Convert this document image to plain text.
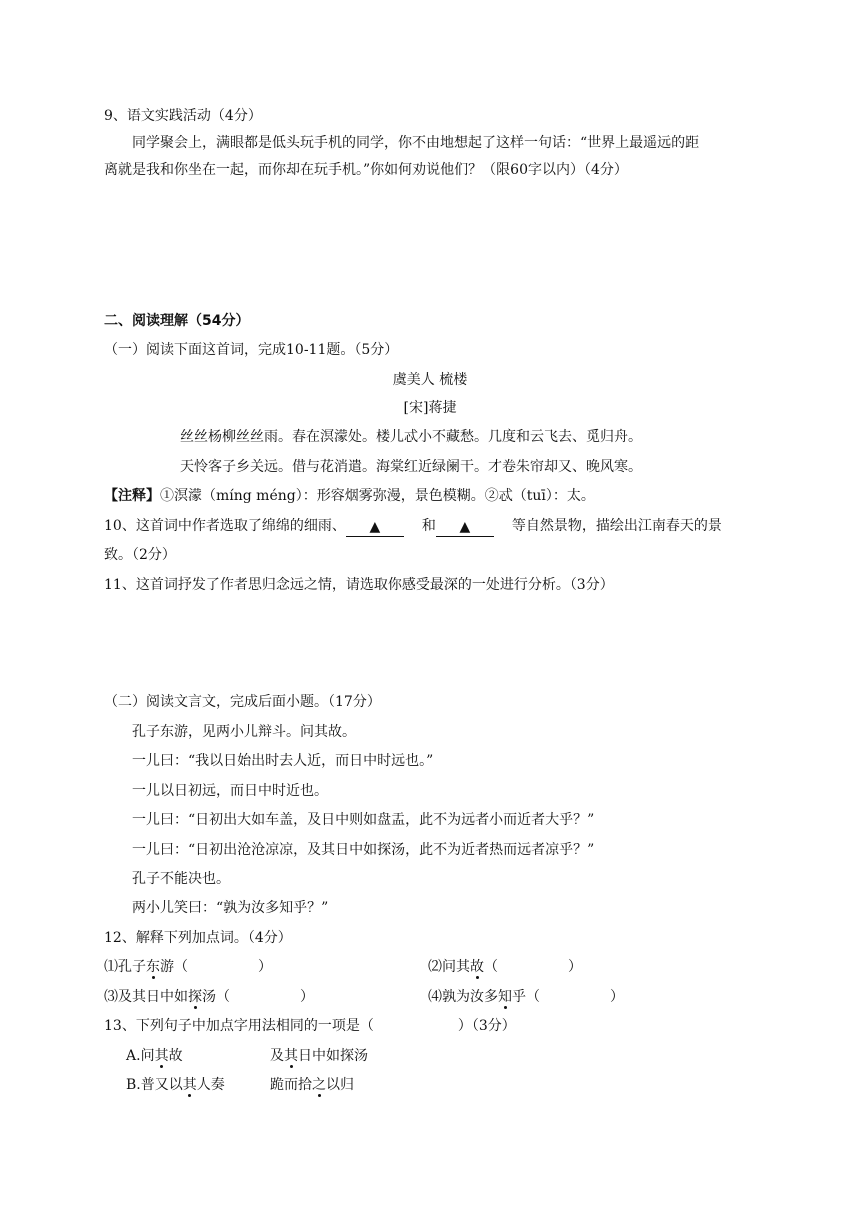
9、语文实践活动（4分）
同学聚会上，满眼都是低头玩手机的同学，你不由地想起了这样一句话：“世界上最遥远的距
离就是我和你坐在一起，而你却在玩手机。”你如何劝说他们？（限60字以内）（4分）
二、阅读理解（54分）
（一）阅读下面这首词，完成10-11题。（5分）
虞美人 梳楼
[宋]蒋捷
丝丝杨柳丝丝雨。春在溟濛处。楼儿忒小不藏愁。几度和云飞去、觅归舟。
天怜客子乡关远。借与花消遣。海棠红近绿阑干。才卷朱帘却又、晚风寒。
【注释】①溟濛（míng méng）：形容烟雾弥漫，景色模糊。②忒（tuī）：太。
10、这首词中作者选取了绵绵的细雨、 ▲	和 ▲	等自然景物，描绘出江南春天的景
致。（2分）
11、这首词抒发了作者思归念远之情，请选取你感受最深的一处进行分析。（3分）
（二）阅读文言文，完成后面小题。（17分）
孔子东游，见两小儿辩斗。问其故。
一儿曰：“我以日始出时去人近，而日中时远也。”
一儿以日初远，而日中时近也。
一儿曰：“日初出大如车盖，及日中则如盘盂，此不为远者小而近者大乎？”
一儿曰：“日初出沧沧凉凉，及其日中如探汤，此不为近者热而远者凉乎？”
孔子不能决也。
两小儿笑曰：“孰为汝多知乎？”
12、解释下列加点词。（4分）
⑴孔子东游（	）	⑵问其故（	）
⑶及其日中如探汤（	）	⑷孰为汝多知乎（	）
13、下列句子中加点字用法相同的一项是（	）（3分）
A.问其故	及其日中如探汤
B.普又以其人奏	跪而拾之以归
